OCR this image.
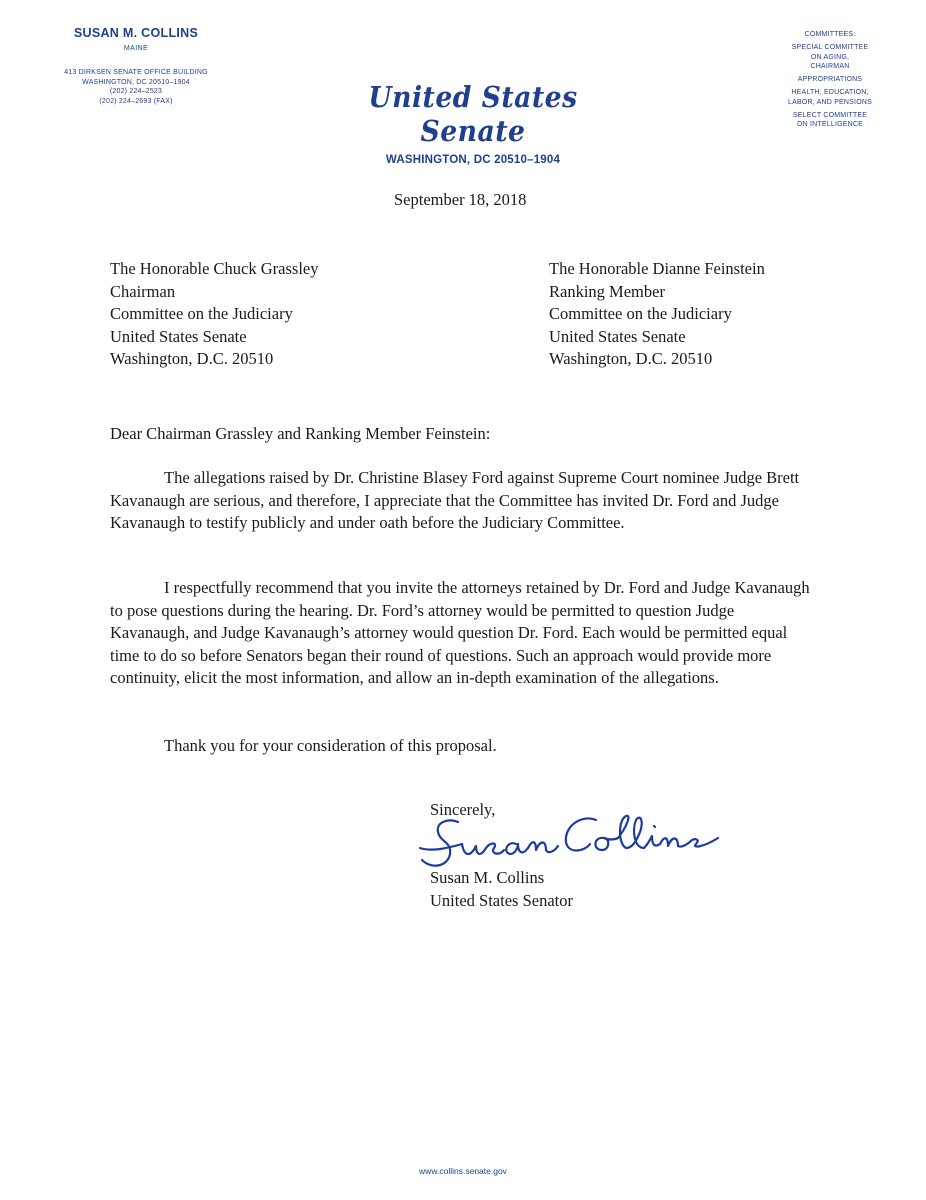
SUSAN M. COLLINS
MAINE
413 DIRKSEN SENATE OFFICE BUILDING
WASHINGTON, DC 20510–1904
(202) 224–2523
(202) 224–2693 (FAX)	United States Senate
WASHINGTON, DC 20510–1904
COMMITTEES:
SPECIAL COMMITTEE
ON AGING,
CHAIRMAN
APPROPRIATIONS
HEALTH, EDUCATION,
LABOR, AND PENSIONS
SELECT COMMITTEE
ON INTELLIGENCE
September 18, 2018
The Honorable Chuck Grassley
Chairman
Committee on the Judiciary
United States Senate
Washington, D.C. 20510
The Honorable Dianne Feinstein
Ranking Member
Committee on the Judiciary
United States Senate
Washington, D.C. 20510
Dear Chairman Grassley and Ranking Member Feinstein:

The allegations raised by Dr. Christine Blasey Ford against Supreme Court nominee Judge Brett Kavanaugh are serious, and therefore, I appreciate that the Committee has invited Dr. Ford and Judge Kavanaugh to testify publicly and under oath before the Judiciary Committee.

I respectfully recommend that you invite the attorneys retained by Dr. Ford and Judge Kavanaugh to pose questions during the hearing. Dr. Ford’s attorney would be permitted to question Judge Kavanaugh, and Judge Kavanaugh’s attorney would question Dr. Ford. Each would be permitted equal time to do so before Senators began their round of questions. Such an approach would provide more continuity, elicit the most information, and allow an in-depth examination of the allegations.

Thank you for your consideration of this proposal.

Sincerely,
Susan M. Collins
United States Senator
www.collins.senate.gov
